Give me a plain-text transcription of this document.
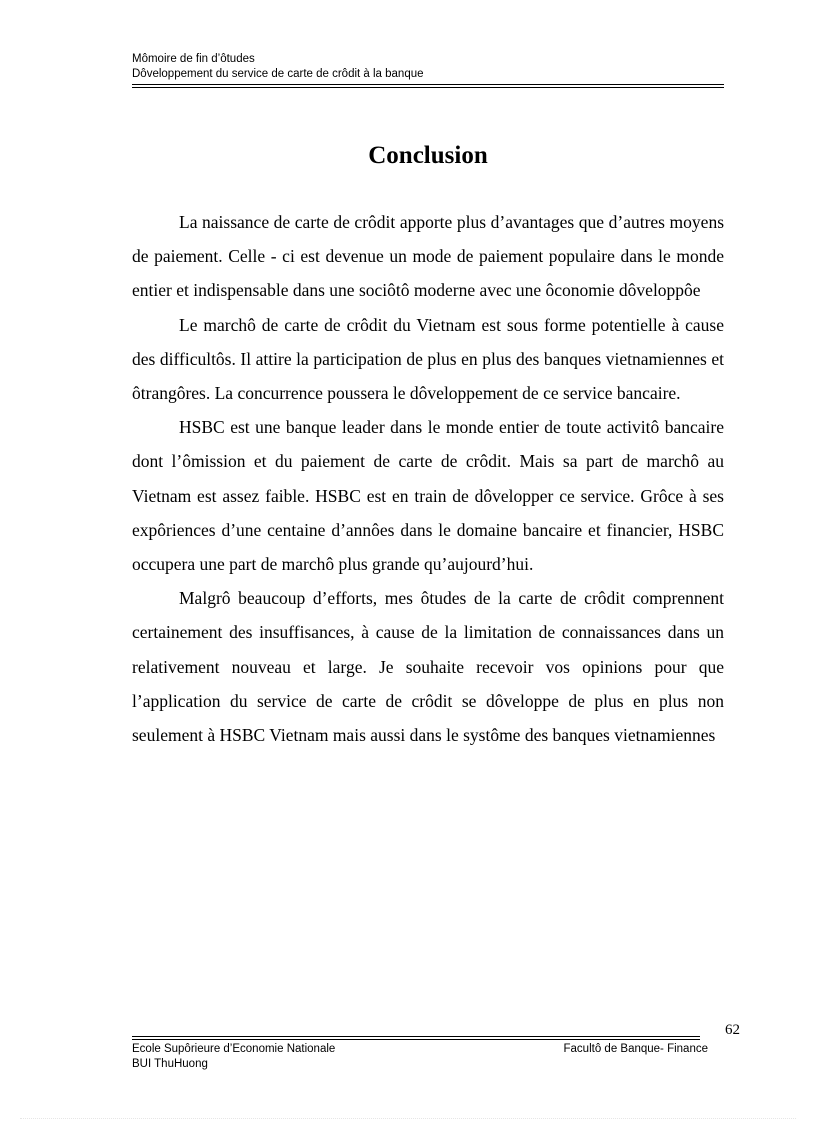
Mômoire de fin d’ôtudes
Dôveloppement du service de carte de crôdit à la banque
Conclusion

La naissance de carte de crôdit apporte plus d’avantages que d’autres moyens de paiement. Celle - ci est devenue un mode de paiement populaire dans le monde entier et indispensable dans une sociôtô moderne avec une ôconomie dôveloppôe

Le marchô de carte de crôdit du Vietnam est sous forme potentielle à cause des difficultôs. Il attire la participation de plus en plus des banques vietnamiennes et ôtrangôres. La concurrence poussera le dôveloppement de ce service bancaire.

HSBC est une banque leader dans le monde entier de toute activitô bancaire dont l’ômission et du paiement de carte de crôdit. Mais sa part de marchô au Vietnam est assez faible. HSBC est en train de dôvelopper ce service. Grôce à ses expôriences d’une centaine d’annôes dans le domaine bancaire et financier, HSBC occupera une part de marchô plus grande qu’aujourd’hui.

Malgrô beaucoup d’efforts, mes ôtudes de la carte de crôdit comprennent certainement des insuffisances, à cause de la limitation de connaissances dans un relativement nouveau et large. Je souhaite recevoir vos opinions pour que l’application du service de carte de crôdit se dôveloppe de plus en plus non seulement à HSBC Vietnam mais aussi dans le systôme des banques vietnamiennes

62
Ecole Supôrieure d’Economie Nationale	Facultô de Banque- Finance
BUI ThuHuong
